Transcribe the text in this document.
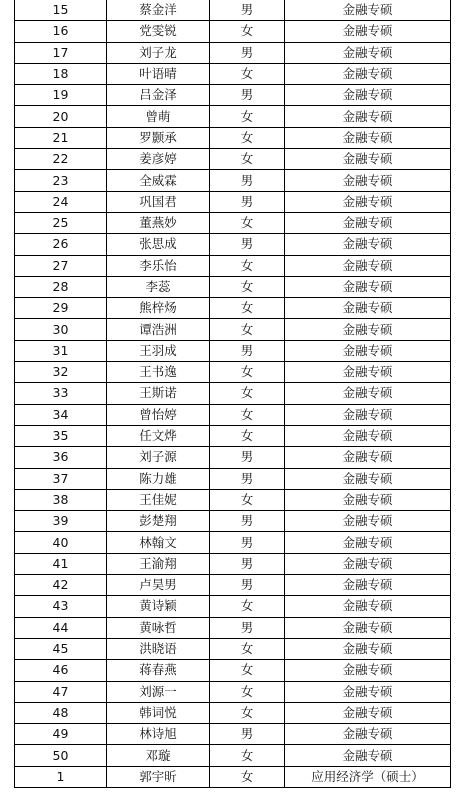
15	蔡金洋	男	金融专硕
16	党雯锐	女	金融专硕
17	刘子龙	男	金融专硕
18	叶语晴	女	金融专硕
19	吕金泽	男	金融专硕
20	曾萌	女	金融专硕
21	罗颢承	女	金融专硕
22	姜彦婷	女	金融专硕
23	全威霖	男	金融专硕
24	巩国君	男	金融专硕
25	董燕妙	女	金融专硕
26	张思成	男	金融专硕
27	李乐怡	女	金融专硕
28	李蕊	女	金融专硕
29	熊梓炀	女	金融专硕
30	谭浩洲	女	金融专硕
31	王羽成	男	金融专硕
32	王书逸	女	金融专硕
33	王斯诺	女	金融专硕
34	曾怡婷	女	金融专硕
35	任文烨	女	金融专硕
36	刘子源	男	金融专硕
37	陈力雄	男	金融专硕
38	王佳妮	女	金融专硕
39	彭楚翔	男	金融专硕
40	林翰文	男	金融专硕
41	王渝翔	男	金融专硕
42	卢昊男	男	金融专硕
43	黄诗颖	女	金融专硕
44	黄咏哲	男	金融专硕
45	洪晓语	女	金融专硕
46	蒋春燕	女	金融专硕
47	刘源一	女	金融专硕
48	韩词悦	女	金融专硕
49	林诗旭	男	金融专硕
50	邓璇	女	金融专硕
1	郭宇昕	女	应用经济学（硕士）
